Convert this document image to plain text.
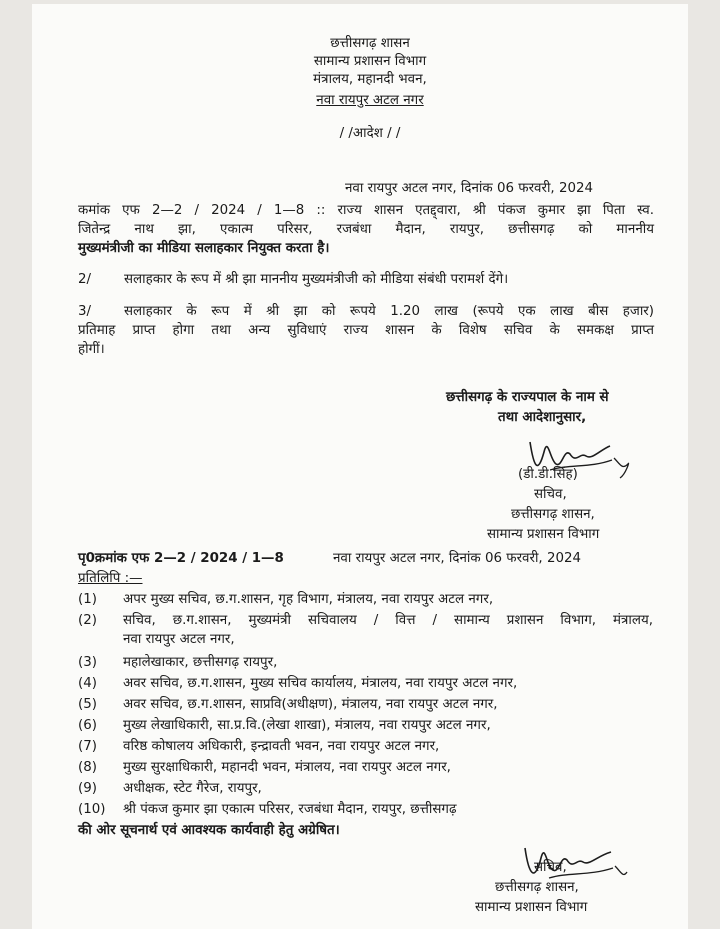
छत्तीसगढ़ शासन
सामान्य प्रशासन विभाग
मंत्रालय, महानदी भवन,
नवा रायपुर अटल नगर
/ /आदेश / /
नवा रायपुर अटल नगर, दिनांक 06 फरवरी, 2024
कमांक एफ 2—2 / 2024 / 1—8 :: राज्य शासन एतद्द्वारा, श्री पंकज कुमार झा पिता स्व.
जितेन्द्र नाथ झा, एकात्म परिसर, रजबंधा मैदान, रायपुर, छत्तीसगढ़ को माननीय
मुख्यमंत्रीजी का मीडिया सलाहकार नियुक्त करता है।
2/ सलाहकार के रूप में श्री झा माननीय मुख्यमंत्रीजी को मीडिया संबंधी परामर्श देंगे।
3/ सलाहकार के रूप में श्री झा को रूपये 1.20 लाख (रूपये एक लाख बीस हजार)
प्रतिमाह प्राप्त होगा तथा अन्य सुविधाएं राज्य शासन के विशेष सचिव के समकक्ष प्राप्त
होगीं।
छत्तीसगढ़ के राज्यपाल के नाम से
तथा आदेशानुसार,
(डी.डी.सिंह)
सचिव,
छत्तीसगढ़ शासन,
सामान्य प्रशासन विभाग
पृ0क्रमांक एफ 2—2 / 2024 / 1—8	नवा रायपुर अटल नगर, दिनांक 06 फरवरी, 2024
प्रतिलिपि :—
(1)	अपर मुख्य सचिव, छ.ग.शासन, गृह विभाग, मंत्रालय, नवा रायपुर अटल नगर,
(2)	सचिव, छ.ग.शासन, मुख्यमंत्री सचिवालय / वित्त / सामान्य प्रशासन विभाग, मंत्रालय,
नवा रायपुर अटल नगर,
(3)	महालेखाकार, छत्तीसगढ़ रायपुर,
(4)	अवर सचिव, छ.ग.शासन, मुख्य सचिव कार्यालय, मंत्रालय, नवा रायपुर अटल नगर,
(5)	अवर सचिव, छ.ग.शासन, साप्रवि(अधीक्षण), मंत्रालय, नवा रायपुर अटल नगर,
(6)	मुख्य लेखाधिकारी, सा.प्र.वि.(लेखा शाखा), मंत्रालय, नवा रायपुर अटल नगर,
(7)	वरिष्ठ कोषालय अधिकारी, इन्द्रावती भवन, नवा रायपुर अटल नगर,
(8)	मुख्य सुरक्षाधिकारी, महानदी भवन, मंत्रालय, नवा रायपुर अटल नगर,
(9)	अधीक्षक, स्टेट गैरेज, रायपुर,
(10) श्री पंकज कुमार झा एकात्म परिसर, रजबंधा मैदान, रायपुर, छत्तीसगढ़
की ओर सूचनार्थ एवं आवश्यक कार्यवाही हेतु अग्रेषित।
सचिव,
छत्तीसगढ़ शासन,
सामान्य प्रशासन विभाग
